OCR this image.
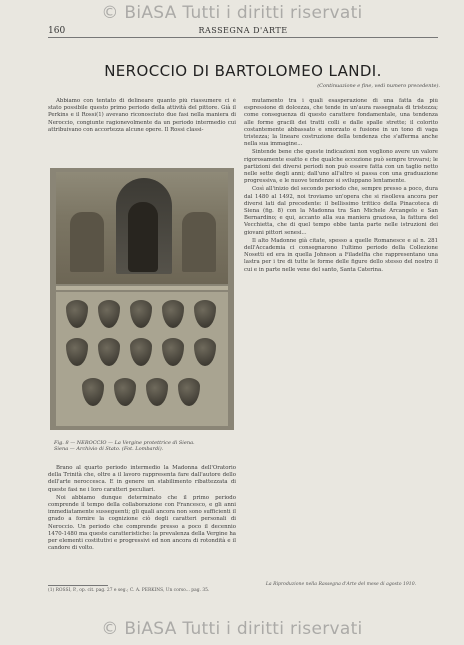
© BiASA Tutti i diritti riservati
160	RASSEGNA D'ARTE
NEROCCIO DI BARTOLOMEO LANDI.
(Continuazione e fine, vedi numero precedente).

Abbiamo con tentato di delineare quanto più riassumere ci è stato possibile questo primo periodo della attività del pittore. Già il Perkins e il Rossi(1) avevano riconosciuto due fasi nella maniera di Neroccio, congiunte ragionevolmente da un periodo intermedio cui attribuivano con accortezza alcune opere. Il Rossi classi-

Fig. 8 — NEROCCIO — La Vergine protettrice di Siena.
Siena — Archivio di Stato. (Fot. Lombardi).

Brano al quarto periodo intermedio la Madonna dell'Oratorio della Trinità che, oltre a il lavoro rappresenta fare dall'autore dello dell'arte neroccesca. E in genere un stabilimento ribattezzata di queste fasi ne i loro caratteri peculiari.

Noi abbiamo dunque determinato che il primo periodo comprende il tempo della collaborazione con Francesco, e gli anni immediatamente susseguenti; gli quali ancora non sono sufficienti il grado a fornire la cognizione ciò degli caratteri personali di Neroccio. Un periodo che comprende presso a poco il decennio 1470-1480 ma queste caratteristiche: la prevalenza della Vergine ha per elementi costitutivi e progressivi ed non ancora di rotondità e il candore di volto.

mutamento tra i quali esasperazione di una fatta da più espressione di dolcezza, che tende in un'aura rassegnata di tristezza; come conseguenza di questo carattere fondamentale, una tendenza alle forme gracili dei tratti colli e dalle spalle strette; il colorito costantemente abbassato e smorzato e fusione in un tono di vaga tristezza; la lineare costruzione della tendenza che s'afferma anche nella sua immagine...

Sintende bene che queste indicazioni non vogliono avere un valore rigorosamente esatto e che qualche eccezione può sempre trovarsi; le partizioni dei diversi periodi non può essere fatta con un taglio netto nelle sette degli anni; dall'uno all'altro si passa con una graduazione progressiva, e le nuove tendenze si sviluppano lentamente.

Così all'inizio del secondo periodo che, sempre presso a poco, dura dal 1480 al 1492, noi troviamo un'opera che si risolleva ancora per diversi lati dal precedente: il bellissimo trittico della Pinacoteca di Siena (fig. 8) con la Madonna tra San Michele Arcangelo e San Bernardino; e qui, accanto alla sua maniera graziosa, la fattura del Vecchietta, che di quel tempo ebbe tanta parte nelle istruzioni dei giovani pittori senesi...

Il alto Madonne già citate, spesso a quelle Romanesce e al n. 281 dell'Accademia ci consegnarono l'ultimo periodo della Collezione Nosetti ed era in quella Johnson a Filadelfia che rappresentano una lastra per i tre di tutte le forme delle figure dello stesso del nostro il cui e in parte nelle vene del santo, Santa Caterina.

(1) ROSSI, P., op. cit. pag. 27 e seg.; C. A. PERKINS, Un corso... pag. 35.
La Riproduzione nella Rassegna d'Arte del mese di agosto 1910.
© BiASA Tutti i diritti riservati
